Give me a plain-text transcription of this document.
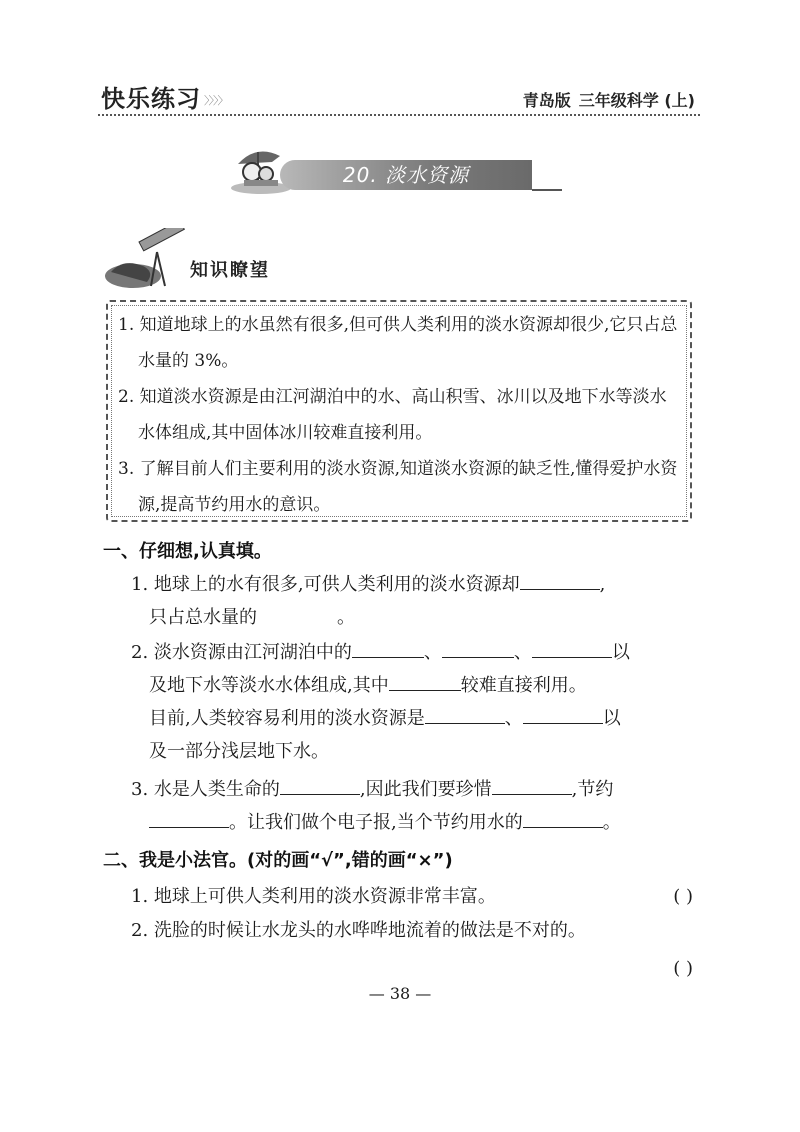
快乐练习 〉〉〉〉	青岛版 三年级科学 (上)
20. 淡水资源
知识瞭望

1. 知道地球上的水虽然有很多,但可供人类利用的淡水资源却很少,它只占总水量的 3%。

2. 知道淡水资源是由江河湖泊中的水、高山积雪、冰川以及地下水等淡水水体组成,其中固体冰川较难直接利用。

3. 了解目前人们主要利用的淡水资源,知道淡水资源的缺乏性,懂得爱护水资源,提高节约用水的意识。

一、仔细想,认真填。
1. 地球上的水有很多,可供人类利用的淡水资源却	,
只占总水量的	。
2. 淡水资源由江河湖泊中的	、	、	以
及地下水等淡水水体组成,其中	较难直接利用。
目前,人类较容易利用的淡水资源是	、	以
及一部分浅层地下水。
3. 水是人类生命的	,因此我们要珍惜	,节约
。让我们做个电子报,当个节约用水的	。
二、我是小法官。(对的画“√”,错的画“×”)
1. 地球上可供人类利用的淡水资源非常丰富。	( )
2. 洗脸的时候让水龙头的水哗哗地流着的做法是不对的。
( )
— 38 —
